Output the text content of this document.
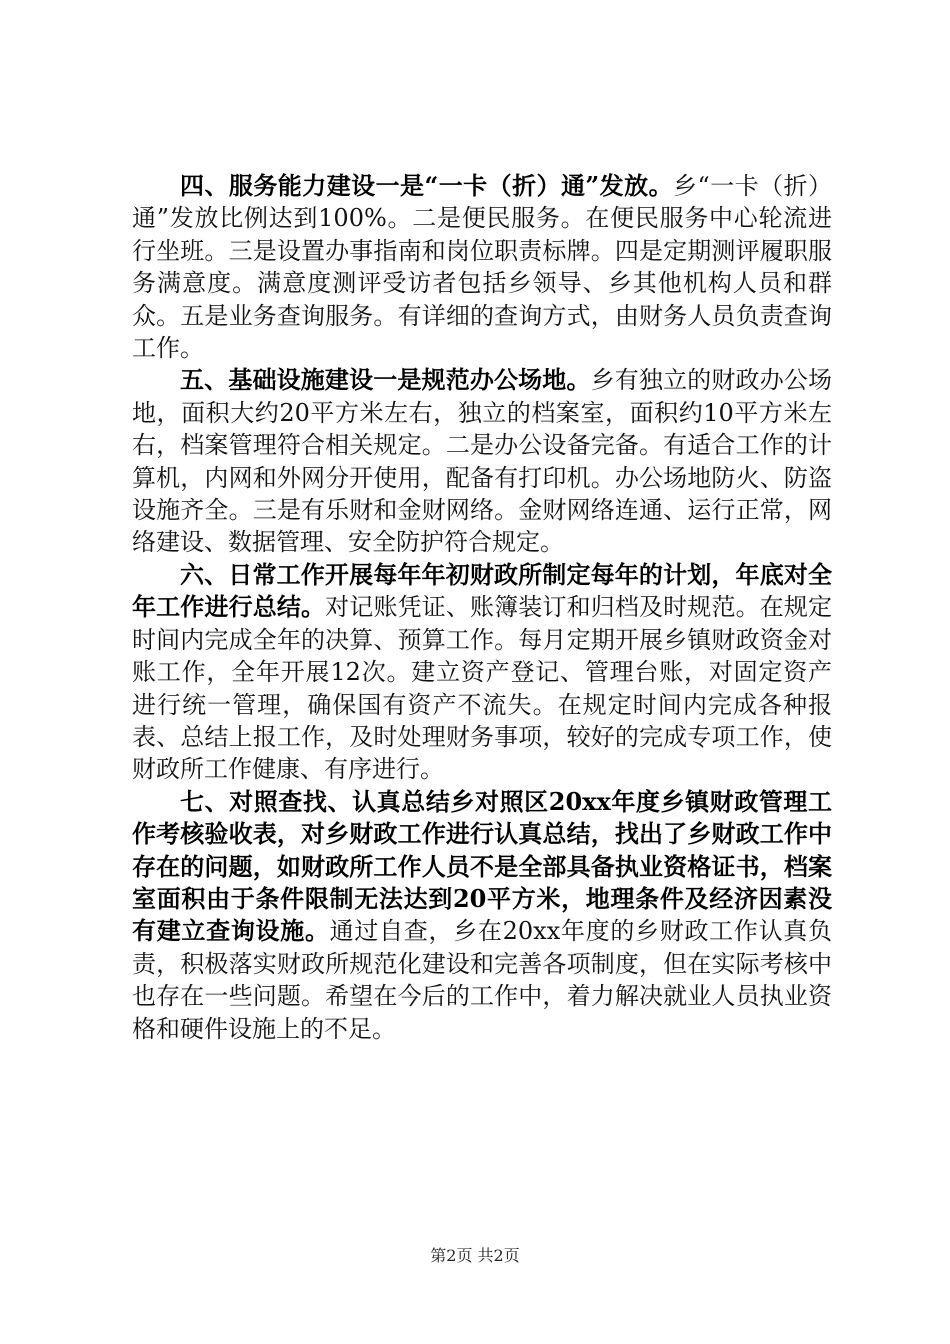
四、服务能力建设一是“一卡（折）通”发放。乡“一卡（折）通”发放比例达到100%。二是便民服务。在便民服务中心轮流进行坐班。三是设置办事指南和岗位职责标牌。四是定期测评履职服务满意度。满意度测评受访者包括乡领导、乡其他机构人员和群众。五是业务查询服务。有详细的查询方式，由财务人员负责查询工作。

五、基础设施建设一是规范办公场地。乡有独立的财政办公场地，面积大约20平方米左右，独立的档案室，面积约10平方米左右，档案管理符合相关规定。二是办公设备完备。有适合工作的计算机，内网和外网分开使用，配备有打印机。办公场地防火、防盗设施齐全。三是有乐财和金财网络。金财网络连通、运行正常，网络建设、数据管理、安全防护符合规定。

六、日常工作开展每年年初财政所制定每年的计划，年底对全年工作进行总结。对记账凭证、账簿装订和归档及时规范。在规定时间内完成全年的决算、预算工作。每月定期开展乡镇财政资金对账工作，全年开展12次。建立资产登记、管理台账，对固定资产进行统一管理，确保国有资产不流失。在规定时间内完成各种报表、总结上报工作，及时处理财务事项，较好的完成专项工作，使财政所工作健康、有序进行。

七、对照查找、认真总结乡对照区20xx年度乡镇财政管理工作考核验收表，对乡财政工作进行认真总结，找出了乡财政工作中存在的问题，如财政所工作人员不是全部具备执业资格证书，档案室面积由于条件限制无法达到20平方米，地理条件及经济因素没有建立查询设施。通过自查，乡在20xx年度的乡财政工作认真负责，积极落实财政所规范化建设和完善各项制度，但在实际考核中也存在一些问题。希望在今后的工作中，着力解决就业人员执业资格和硬件设施上的不足。

第2页 共2页
